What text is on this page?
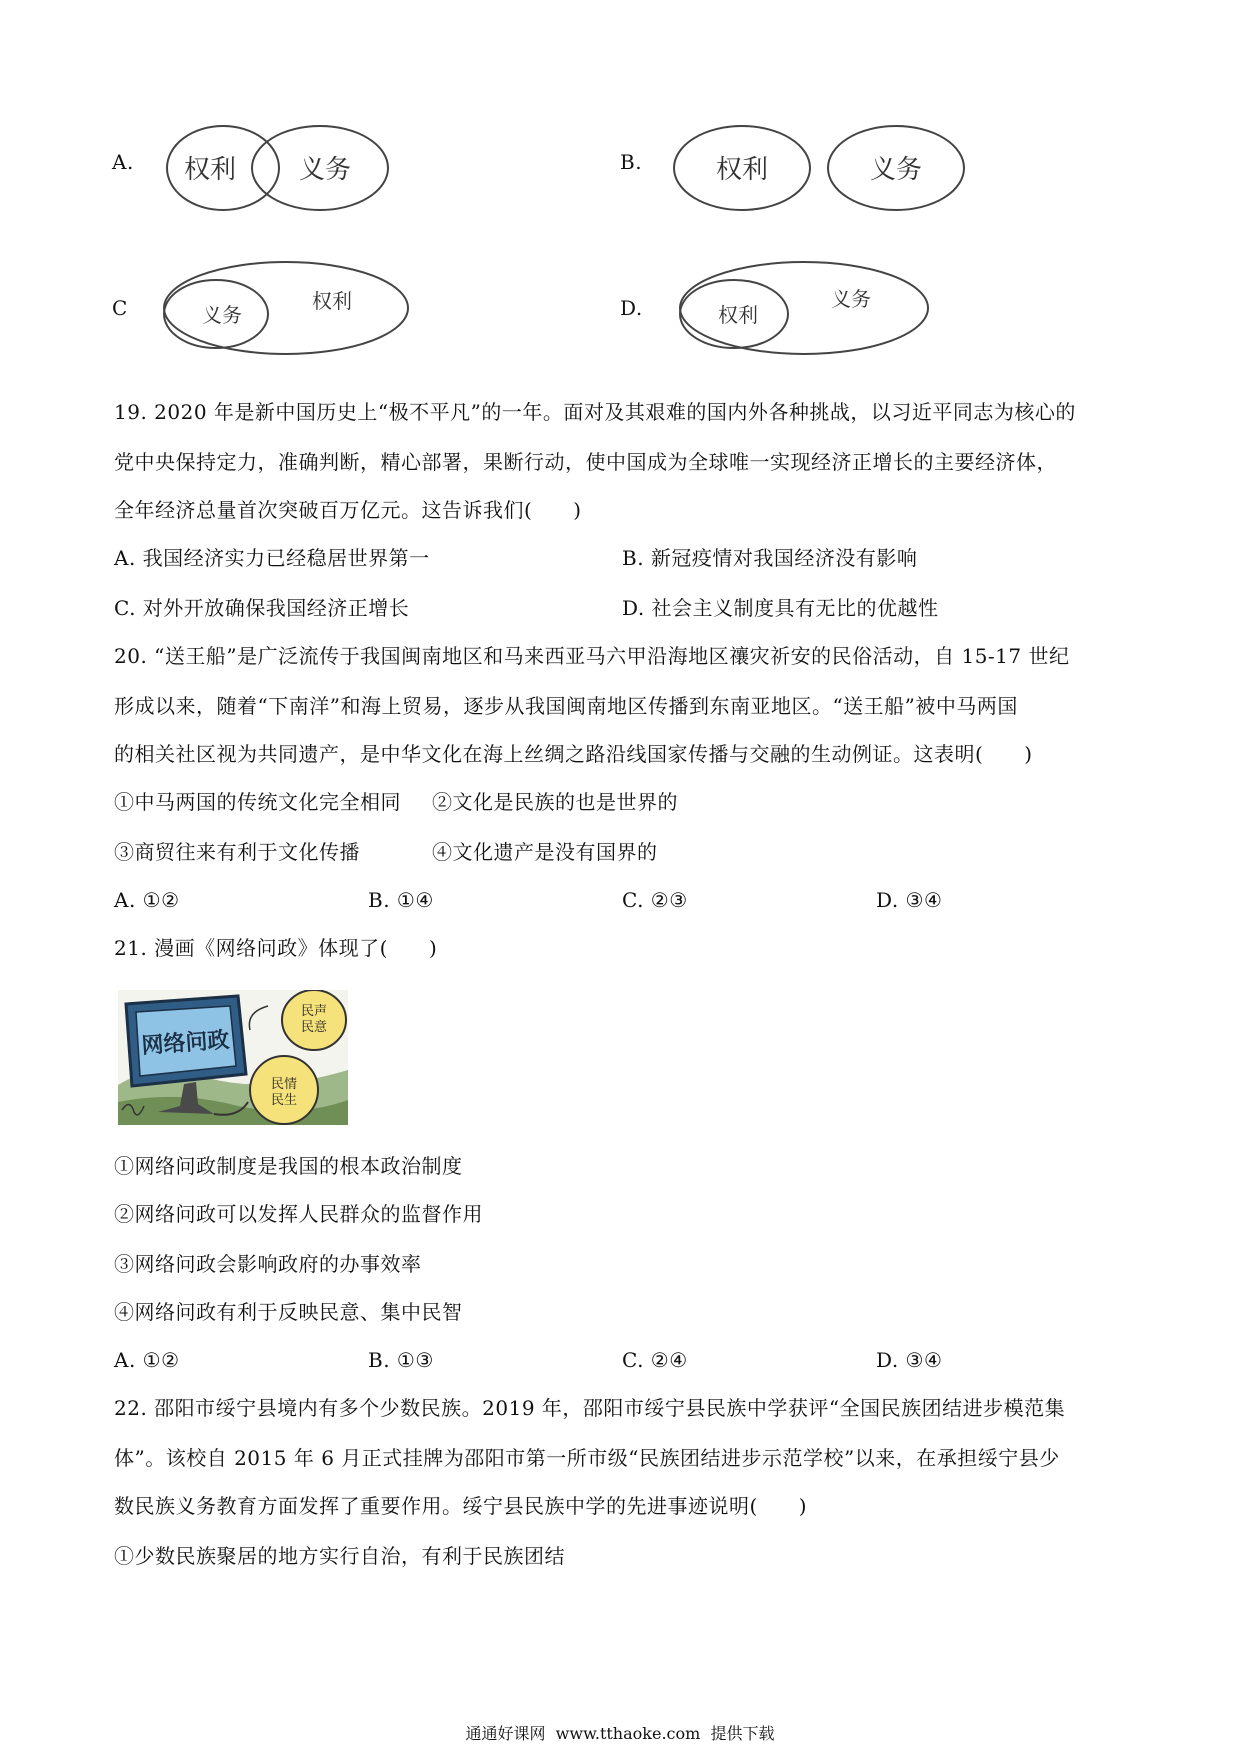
A. 权利 义务	B.	权利	义务
C	义务
权利	D.	权利
义务
19. 2020 年是新中国历史上“极不平凡”的一年。面对及其艰难的国内外各种挑战，以习近平同志为核心的
党中央保持定力，准确判断，精心部署，果断行动，使中国成为全球唯一实现经济正增长的主要经济体，
全年经济总量首次突破百万亿元。这告诉我们(　　)
A. 我国经济实力已经稳居世界第一	B. 新冠疫情对我国经济没有影响
C. 对外开放确保我国经济正增长	D. 社会主义制度具有无比的优越性
20. “送王船”是广泛流传于我国闽南地区和马来西亚马六甲沿海地区禳灾祈安的民俗活动，自 15-17 世纪
形成以来，随着“下南洋”和海上贸易，逐步从我国闽南地区传播到东南亚地区。“送王船”被中马两国
的相关社区视为共同遗产，是中华文化在海上丝绸之路沿线国家传播与交融的生动例证。这表明(　　)
①中马两国的传统文化完全相同 ②文化是民族的也是世界的
③商贸往来有利于文化传播	④文化遗产是没有国界的
A. ①②	B. ①④	C. ②③	D. ③④
21. 漫画《网络问政》体现了(　　)
网络问政
民声民意
民情民生
①网络问政制度是我国的根本政治制度
②网络问政可以发挥人民群众的监督作用
③网络问政会影响政府的办事效率
④网络问政有利于反映民意、集中民智
A. ①②	B. ①③	C. ②④	D. ③④
22. 邵阳市绥宁县境内有多个少数民族。2019 年，邵阳市绥宁县民族中学获评“全国民族团结进步模范集
体”。该校自 2015 年 6 月正式挂牌为邵阳市第一所市级“民族团结进步示范学校”以来，在承担绥宁县少
数民族义务教育方面发挥了重要作用。绥宁县民族中学的先进事迹说明(　　)
①少数民族聚居的地方实行自治，有利于民族团结
通通好课网  www.tthaoke.com  提供下载
